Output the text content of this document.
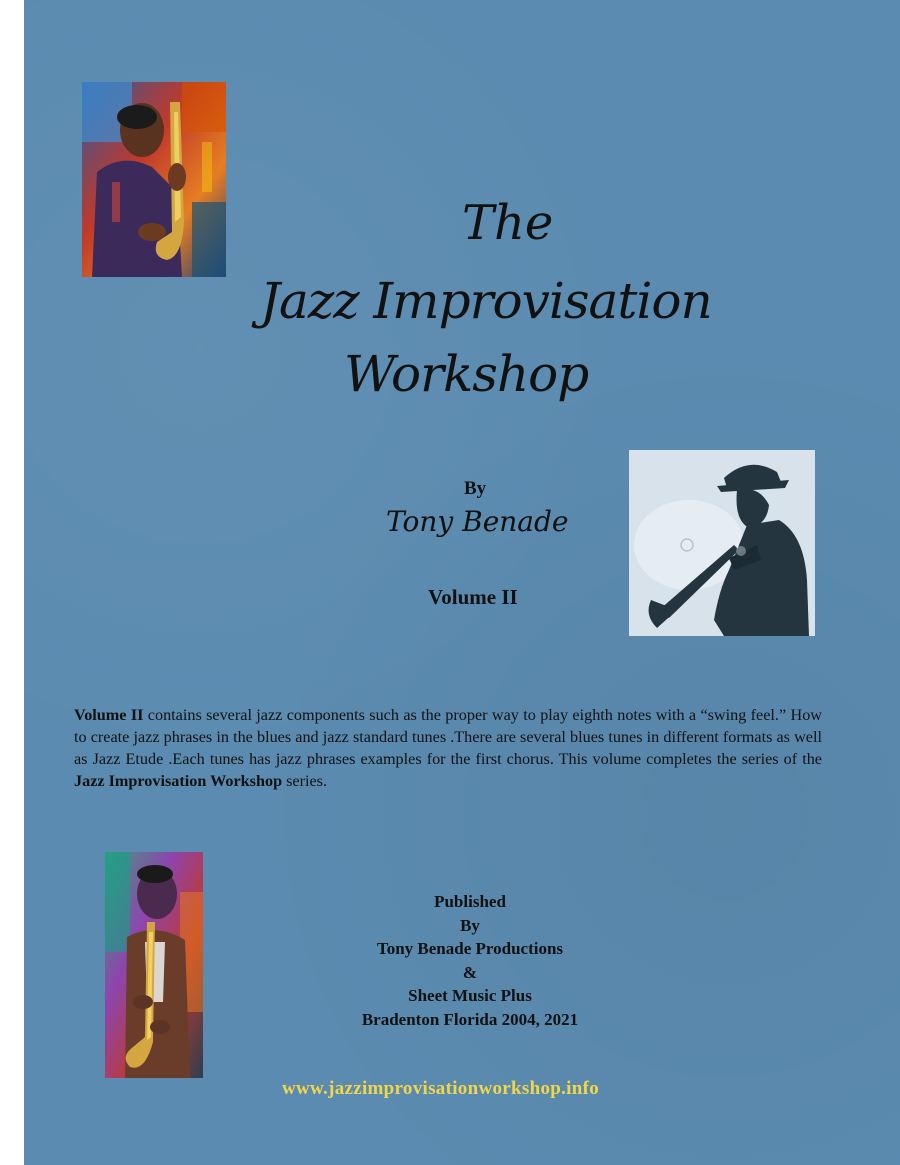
The
Jazz Improvisation
Workshop
By
Tony Benade
Volume II

Volume II contains several jazz components such as the proper way to play eighth notes with a “swing feel.” How to create jazz phrases in the blues and jazz standard tunes .There are several blues tunes in different formats as well as Jazz Etude .Each tunes has jazz phrases examples for the first chorus. This volume completes the series of the Jazz Improvisation Workshop series.

Published
By
Tony Benade Productions
&
Sheet Music Plus
Bradenton Florida 2004, 2021
www.jazzimprovisationworkshop.info
